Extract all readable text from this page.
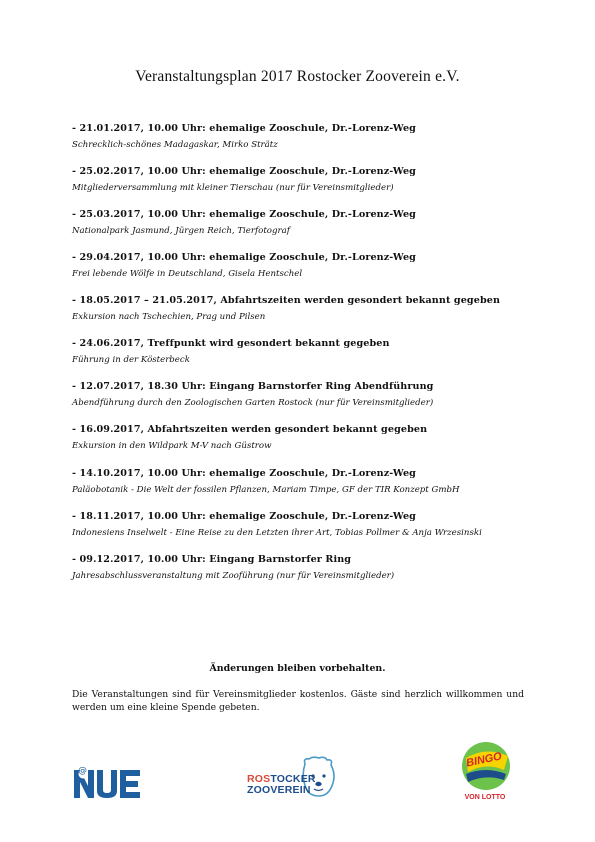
Veranstaltungsplan 2017 Rostocker Zooverein e.V.
- 21.01.2017, 10.00 Uhr: ehemalige Zooschule, Dr.-Lorenz-Weg
Schrecklich-schönes Madagaskar, Mirko Strätz
- 25.02.2017, 10.00 Uhr: ehemalige Zooschule, Dr.-Lorenz-Weg
Mitgliederversammlung mit kleiner Tierschau (nur für Vereinsmitglieder)
- 25.03.2017, 10.00 Uhr: ehemalige Zooschule, Dr.-Lorenz-Weg
Nationalpark Jasmund, Jürgen Reich, Tierfotograf
- 29.04.2017, 10.00 Uhr: ehemalige Zooschule, Dr.-Lorenz-Weg
Frei lebende Wölfe in Deutschland, Gisela Hentschel
- 18.05.2017 – 21.05.2017, Abfahrtszeiten werden gesondert bekannt gegeben
Exkursion nach Tschechien, Prag und Pilsen
- 24.06.2017, Treffpunkt wird gesondert bekannt gegeben
Führung in der Kösterbeck
- 12.07.2017, 18.30 Uhr: Eingang Barnstorfer Ring Abendführung
Abendführung durch den Zoologischen Garten Rostock (nur für Vereinsmitglieder)
- 16.09.2017, Abfahrtszeiten werden gesondert bekannt gegeben
Exkursion in den Wildpark M-V nach Güstrow
- 14.10.2017, 10.00 Uhr: ehemalige Zooschule, Dr.-Lorenz-Weg
Paläobotanik - Die Welt der fossilen Pflanzen, Mariam Timpe, GF der TIR Konzept GmbH
- 18.11.2017, 10.00 Uhr: ehemalige Zooschule, Dr.-Lorenz-Weg
Indonesiens Inselwelt - Eine Reise zu den Letzten ihrer Art, Tobias Pollmer & Anja Wrzesinski
- 09.12.2017, 10.00 Uhr: Eingang Barnstorfer Ring
Jahresabschlussveranstaltung mit Zooführung (nur für Vereinsmitglieder)
Änderungen bleiben vorbehalten.
Die Veranstaltungen sind für Vereinsmitglieder kostenlos. Gäste sind herzlich willkommen und werden um eine kleine Spende gebeten.
@
ROSTOCKER
ZOOVEREIN
BINGO
VON LOTTO
